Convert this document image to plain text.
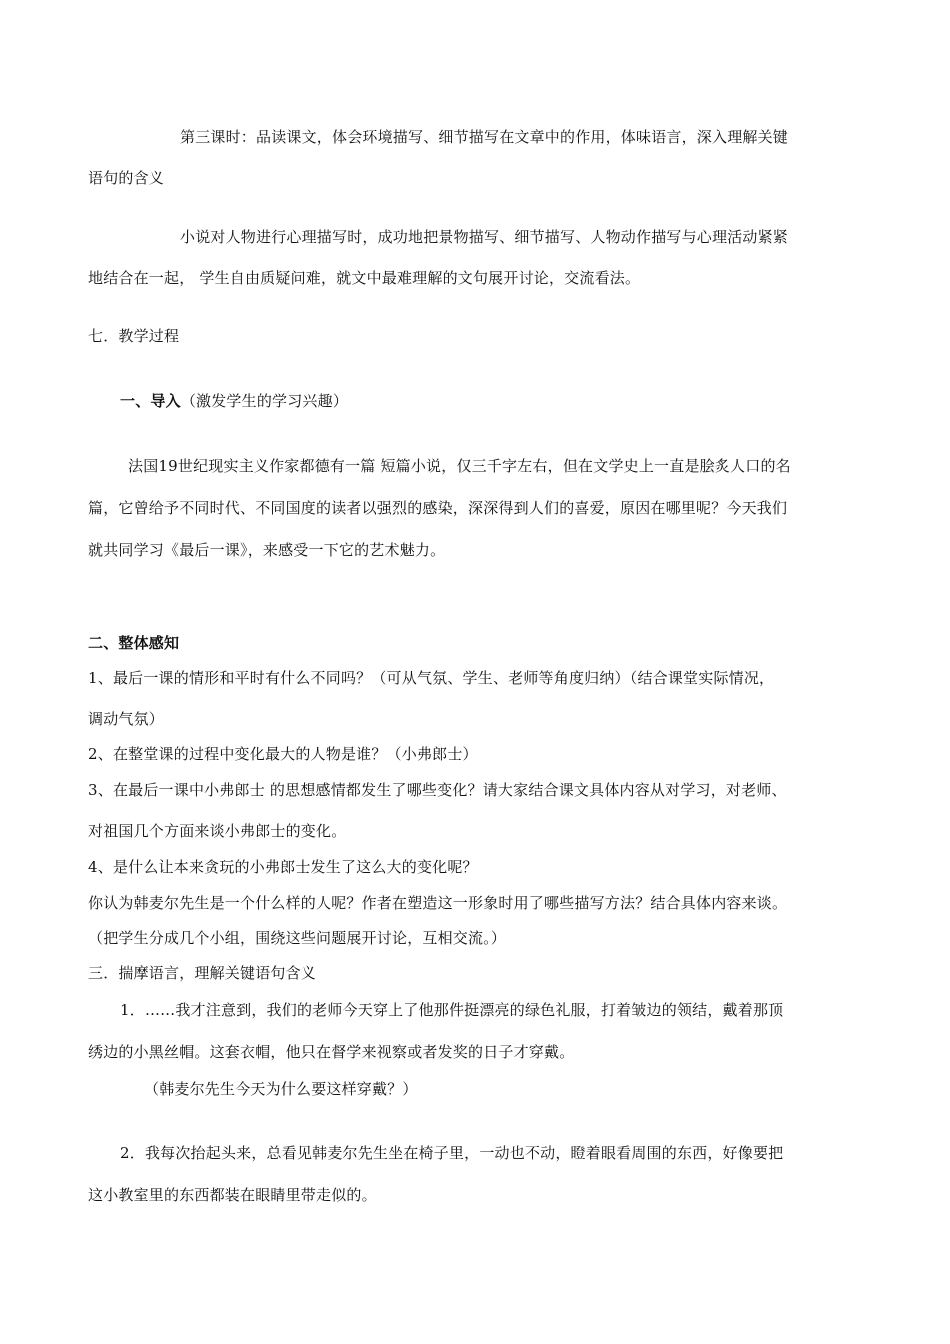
第三课时：品读课文，体会环境描写、细节描写在文章中的作用，体味语言，深入理解关键
语句的含义
小说对人物进行心理描写时，成功地把景物描写、细节描写、人物动作描写与心理活动紧紧
地结合在一起， 学生自由质疑问难，就文中最难理解的文句展开讨论，交流看法。
七．教学过程
一、导入（激发学生的学习兴趣）
法国19世纪现实主义作家都德有一篇 短篇小说，仅三千字左右，但在文学史上一直是脍炙人口的名
篇，它曾给予不同时代、不同国度的读者以强烈的感染，深深得到人们的喜爱，原因在哪里呢？今天我们
就共同学习《最后一课》，来感受一下它的艺术魅力。
二、整体感知
1、最后一课的情形和平时有什么不同吗？（可从气氛、学生、老师等角度归纳）（结合课堂实际情况，
调动气氛）
2、在整堂课的过程中变化最大的人物是谁？（小弗郎士）
3、在最后一课中小弗郎士 的思想感情都发生了哪些变化？请大家结合课文具体内容从对学习，对老师、
对祖国几个方面来谈小弗郎士的变化。
4、是什么让本来贪玩的小弗郎士发生了这么大的变化呢？
你认为韩麦尔先生是一个什么样的人呢？作者在塑造这一形象时用了哪些描写方法？结合具体内容来谈。
（把学生分成几个小组，围绕这些问题展开讨论，互相交流。）
三．揣摩语言，理解关键语句含义
1．……我才注意到，我们的老师今天穿上了他那件挺漂亮的绿色礼服，打着皱边的领结，戴着那顶
绣边的小黑丝帽。这套衣帽，他只在督学来视察或者发奖的日子才穿戴。
（韩麦尔先生今天为什么要这样穿戴？）
2．我每次抬起头来，总看见韩麦尔先生坐在椅子里，一动也不动，瞪着眼看周围的东西，好像要把
这小教室里的东西都装在眼睛里带走似的。
